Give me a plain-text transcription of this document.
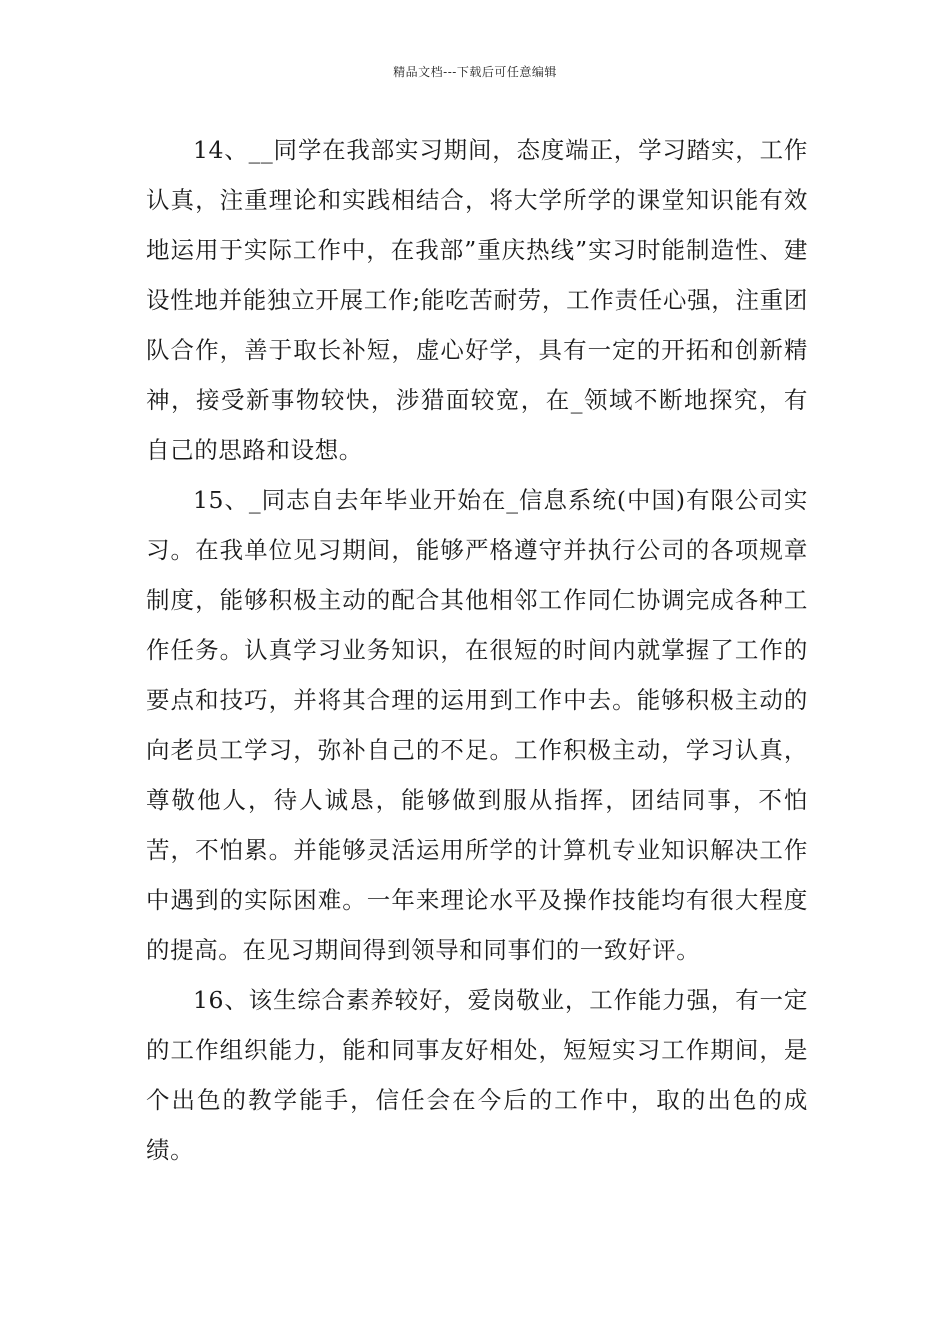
精品文档---下载后可任意编辑

14、__同学在我部实习期间，态度端正，学习踏实，工作认真，注重理论和实践相结合，将大学所学的课堂知识能有效地运用于实际工作中，在我部”重庆热线”实习时能制造性、建设性地并能独立开展工作;能吃苦耐劳，工作责任心强，注重团队合作，善于取长补短，虚心好学，具有一定的开拓和创新精神，接受新事物较快，涉猎面较宽，在_领域不断地探究，有自己的思路和设想。

15、_同志自去年毕业开始在_信息系统(中国)有限公司实习。在我单位见习期间，能够严格遵守并执行公司的各项规章制度，能够积极主动的配合其他相邻工作同仁协调完成各种工作任务。认真学习业务知识，在很短的时间内就掌握了工作的要点和技巧，并将其合理的运用到工作中去。能够积极主动的向老员工学习，弥补自己的不足。工作积极主动，学习认真，尊敬他人，待人诚恳，能够做到服从指挥，团结同事，不怕苦，不怕累。并能够灵活运用所学的计算机专业知识解决工作中遇到的实际困难。一年来理论水平及操作技能均有很大程度的提高。在见习期间得到领导和同事们的一致好评。

16、该生综合素养较好，爱岗敬业，工作能力强，有一定的工作组织能力，能和同事友好相处，短短实习工作期间，是个出色的教学能手，信任会在今后的工作中，取的出色的成绩。
